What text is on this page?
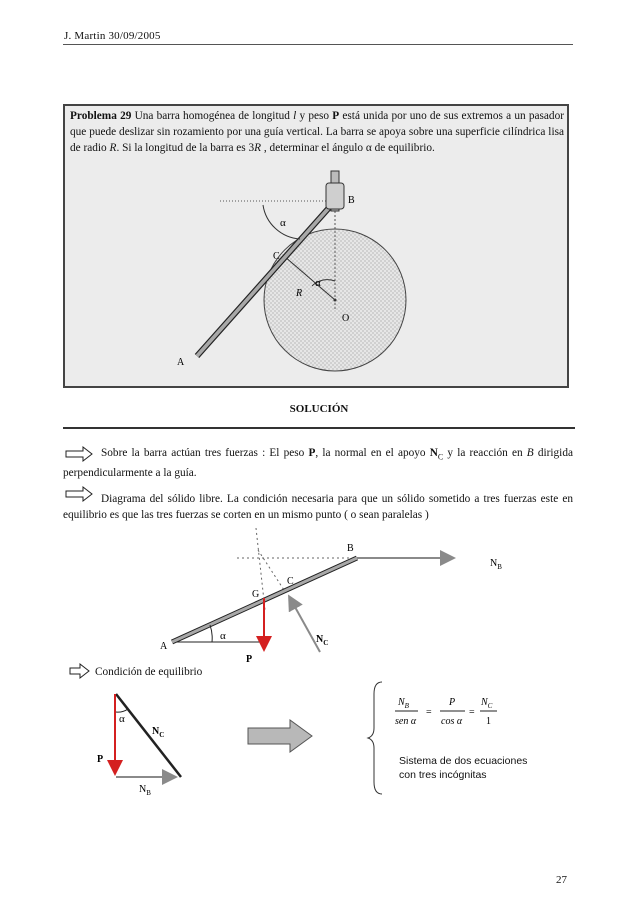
J. Martin 30/09/2005
Problema 29 Una barra homogénea de longitud l y peso P está unida por uno de sus extremos a un pasador que puede deslizar sin rozamiento por una guía vertical. La barra se apoya sobre una superficie cilíndrica lisa de radio R. Si la longitud de la barra es 3R , determinar el ángulo α de equilibrio.
SOLUCIÓN
Sobre la barra actúan tres fuerzas : El peso P, la normal en el apoyo $N_C$ y la reacción en B dirigida perpendicularmente a la guía.
Diagrama del sólido libre. La condición necesaria para que un sólido sometido a tres fuerzas este en equilibrio es que las tres fuerzas se corten en un mismo punto ( o sean paralelas )
Condición de equilibrio
Sistema de dos ecuaciones
con tres incógnitas
27
B
α
C
α
R
O
A
B
$N_B$
C
G
A
α	$N_C$
P
α
$N_C$
P
$N_B$
$N_B$
sen α
=
P
cos α
=
$N_C$
1
